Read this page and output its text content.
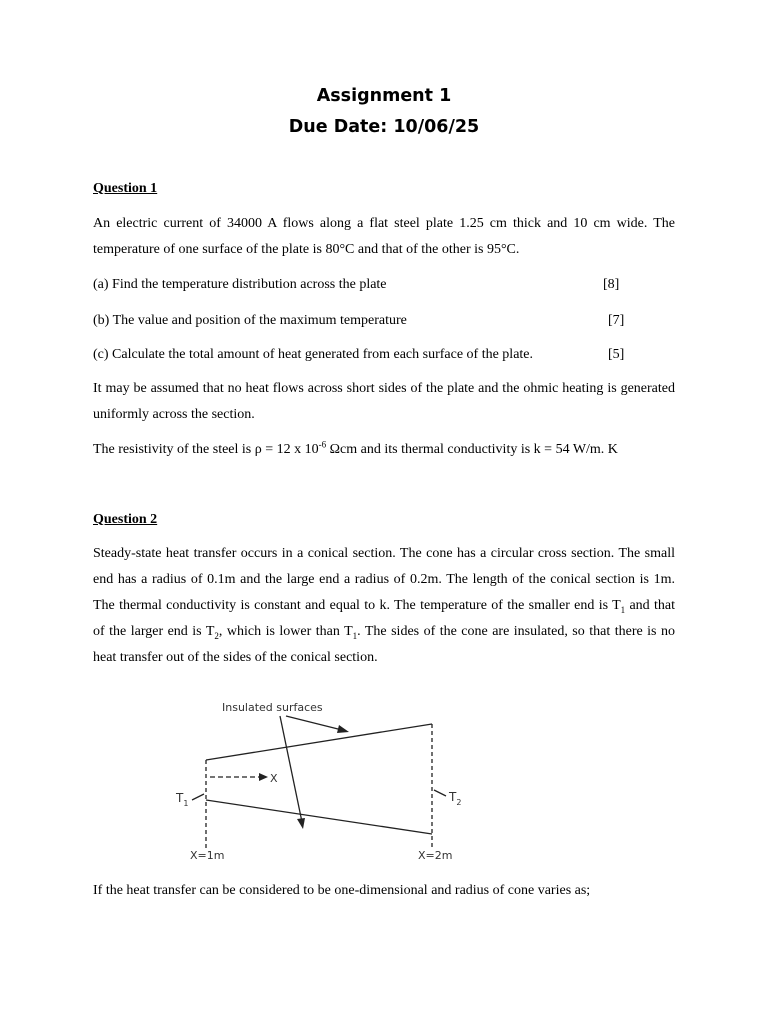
Assignment 1
Due Date: 10/06/25
Question 1
An electric current of 34000 A flows along a flat steel plate 1.25 cm thick and 10 cm wide. The temperature of one surface of the plate is 80°C and that of the other is 95°C.
(a) Find the temperature distribution across the plate	[8]
(b) The value and position of the maximum temperature	[7]
(c) Calculate the total amount of heat generated from each surface of the plate.	[5]
It may be assumed that no heat flows across short sides of the plate and the ohmic heating is generated uniformly across the section.
The resistivity of the steel is ρ = 12 x $10^{-6}$ Ωcm and its thermal conductivity is k = 54 W/m. K
Question 2
Steady-state heat transfer occurs in a conical section. The cone has a circular cross section. The small end has a radius of 0.1m and the large end a radius of 0.2m. The length of the conical section is 1m. The thermal conductivity is constant and equal to k. The temperature of the smaller end is $T_1$ and that of the larger end is $T_2$, which is lower than $T_1$. The sides of the cone are insulated, so that there is no heat transfer out of the sides of the conical section.
Insulated surfaces
X
$T_1$	$T_2$
X=1m	X=2m
If the heat transfer can be considered to be one-dimensional and radius of cone varies as;
